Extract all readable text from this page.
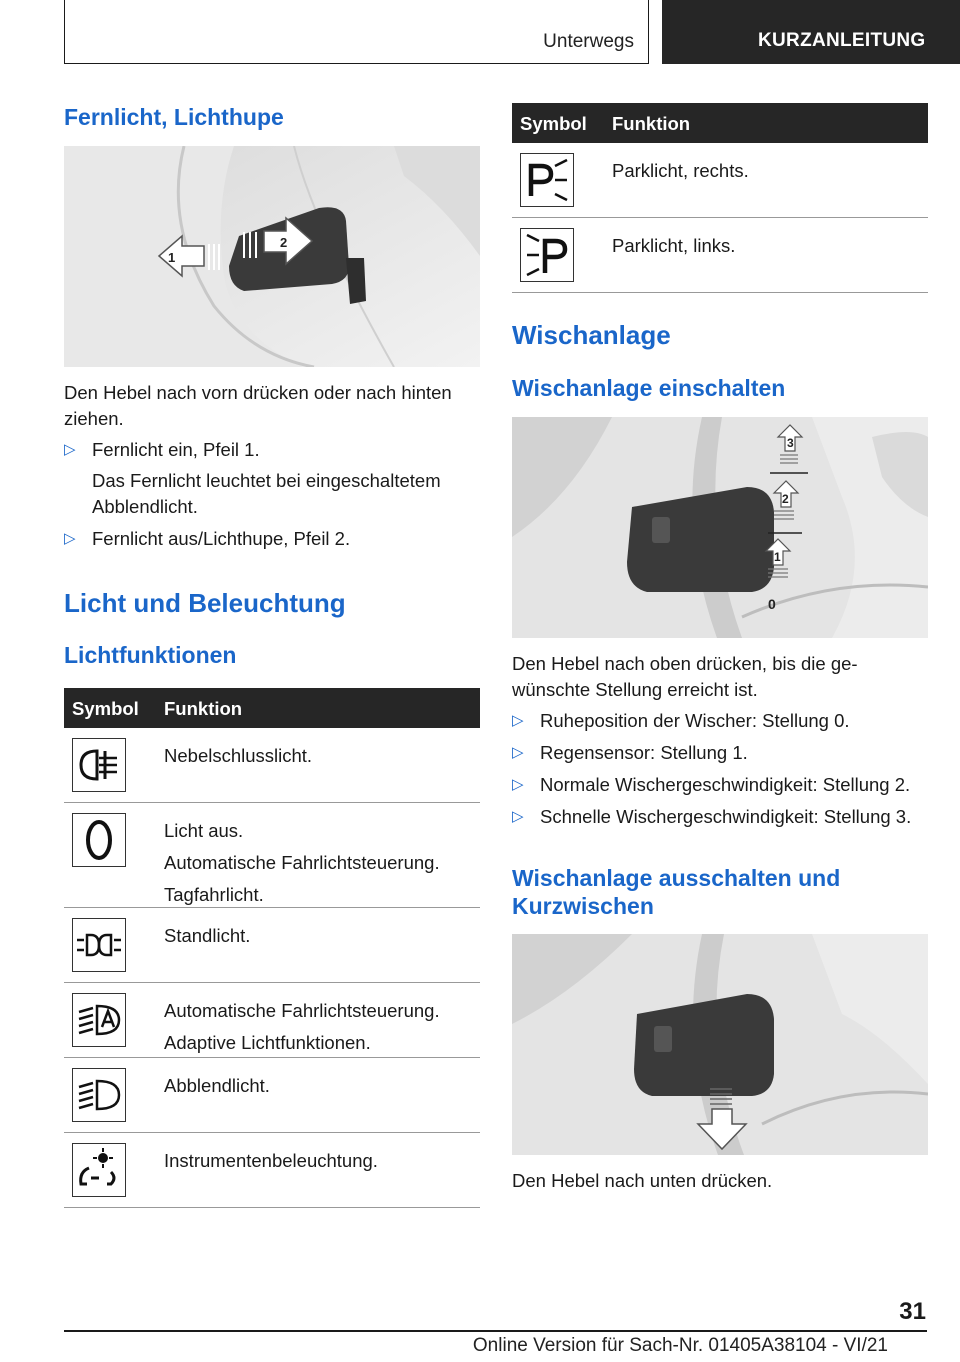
Unterwegs	KURZANLEITUNG
Fernlicht, Lichthupe
1
2

Den Hebel nach vorn drücken oder nach hinten ziehen.

▷ Fernlicht ein, Pfeil 1.

Das Fernlicht leuchtet bei eingeschaltetem Abblendlicht.

▷ Fernlicht aus/Lichthupe, Pfeil 2.
Licht und Beleuchtung
Lichtfunktionen
Symbol Funktion
Nebelschlusslicht.
Licht aus.
Automatische Fahrlichtsteuerung.
Tagfahrlicht.
Standlicht.
Automatische Fahrlichtsteuerung.
Adaptive Lichtfunktionen.
Abblendlicht.
Instrumentenbeleuchtung.
Symbol Funktion
Parklicht, rechts.
Parklicht, links.
Wischanlage
Wischanlage einschalten
3
2
1
0

Den Hebel nach oben drücken, bis die ge-
wünschte Stellung erreicht ist.

▷ Ruheposition der Wischer: Stellung 0.
▷ Regensensor: Stellung 1.
▷ Normale Wischergeschwindigkeit: Stellung 2.
▷ Schnelle Wischergeschwindigkeit: Stellung 3.
Wischanlage ausschalten und
Kurzwischen

Den Hebel nach unten drücken.

31
Online Version für Sach-Nr. 01405A38104 - VI/21
